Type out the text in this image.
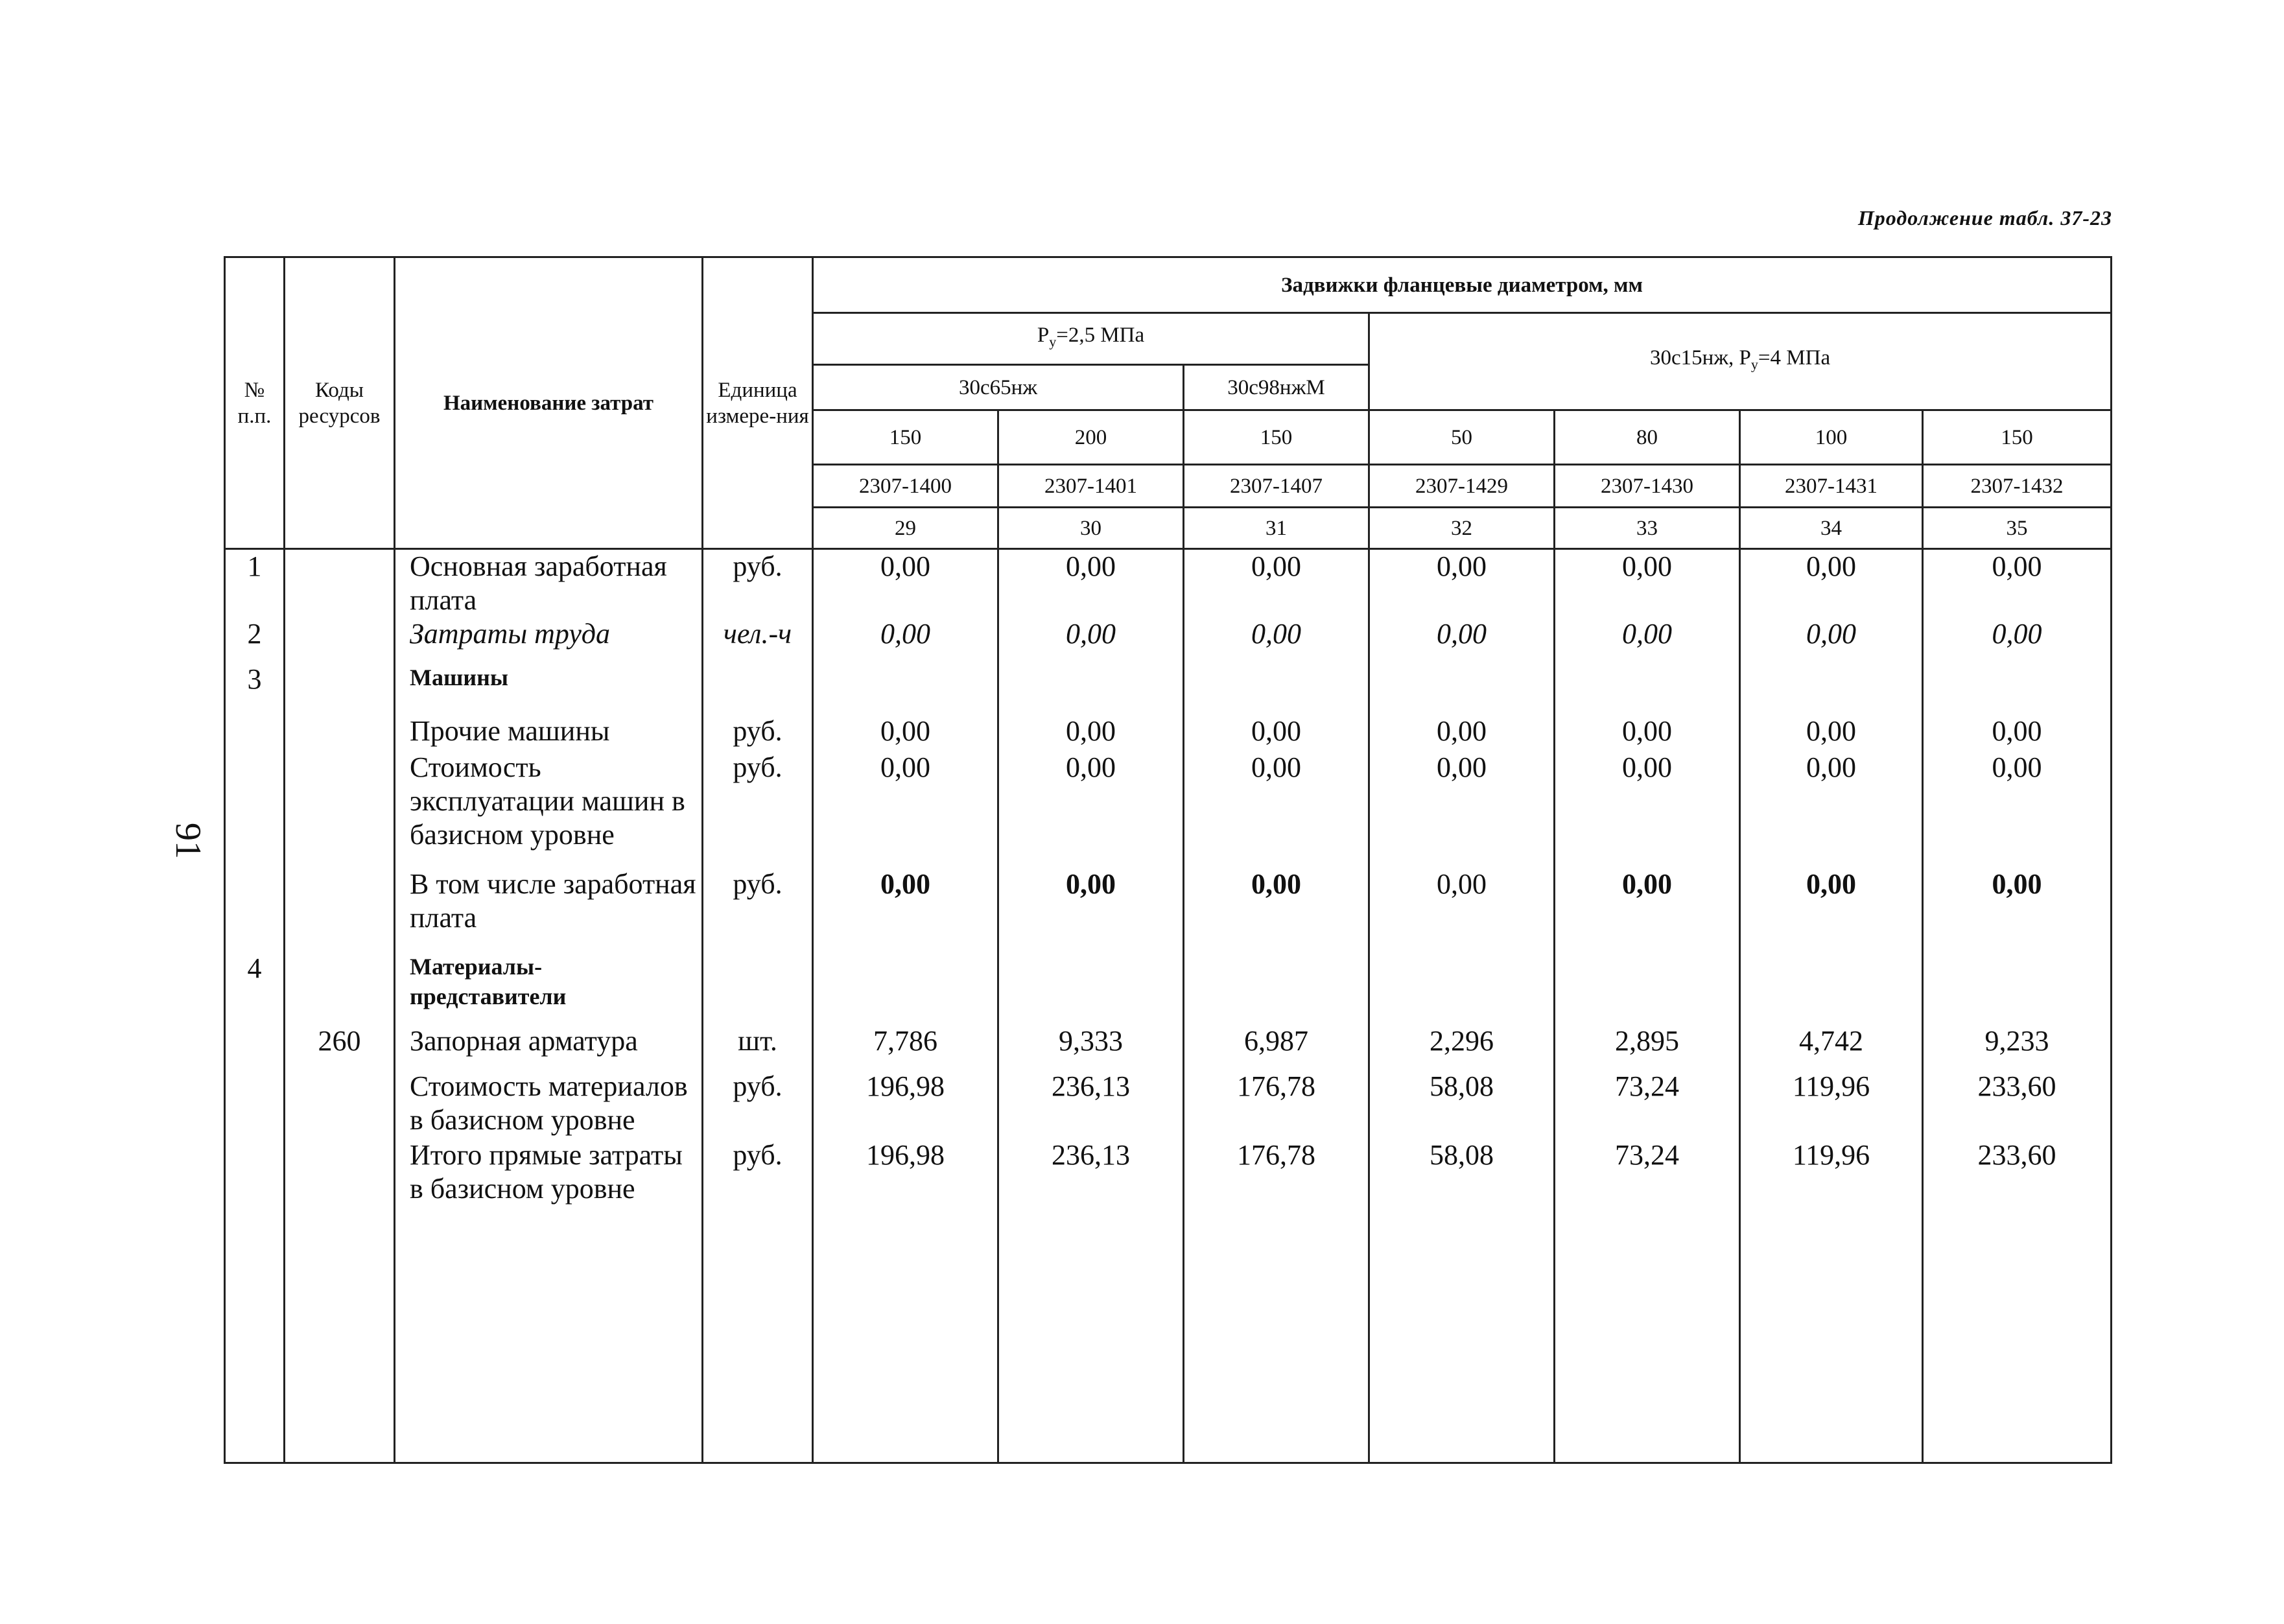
Продолжение табл. 37-23
91
№ п.п.	Коды ресурсов	Наименование затрат	Единица измере-ния	Задвижки фланцевые диаметром, мм						
				$P_y=2,5$ МПа			30с15нж, $P_y=4$ МПа			
				30с65нж		30с98нжМ				
				150	200	150	50	80	100	150
				2307-1400	2307-1401	2307-1407	2307-1429	2307-1430	2307-1431	2307-1432
				29	30	31	32	33	34	35
1		Основная заработная плата	руб.	0,00	0,00	0,00	0,00	0,00	0,00	0,00
2		Затраты труда	чел.-ч	0,00	0,00	0,00	0,00	0,00	0,00	0,00
3		Машины								
		Прочие машины	руб.	0,00	0,00	0,00	0,00	0,00	0,00	0,00
		Стоимость эксплуатации машин в базисном уровне	руб.	0,00	0,00	0,00	0,00	0,00	0,00	0,00
		В том числе заработная плата	руб.	0,00	0,00	0,00	0,00	0,00	0,00	0,00
4		Материалы-представители								
	260	Запорная арматура	шт.	7,786	9,333	6,987	2,296	2,895	4,742	9,233
		Стоимость материалов в базисном уровне	руб.	196,98	236,13	176,78	58,08	73,24	119,96	233,60
		Итого прямые затраты в базисном уровне	руб.	196,98	236,13	176,78	58,08	73,24	119,96	233,60
